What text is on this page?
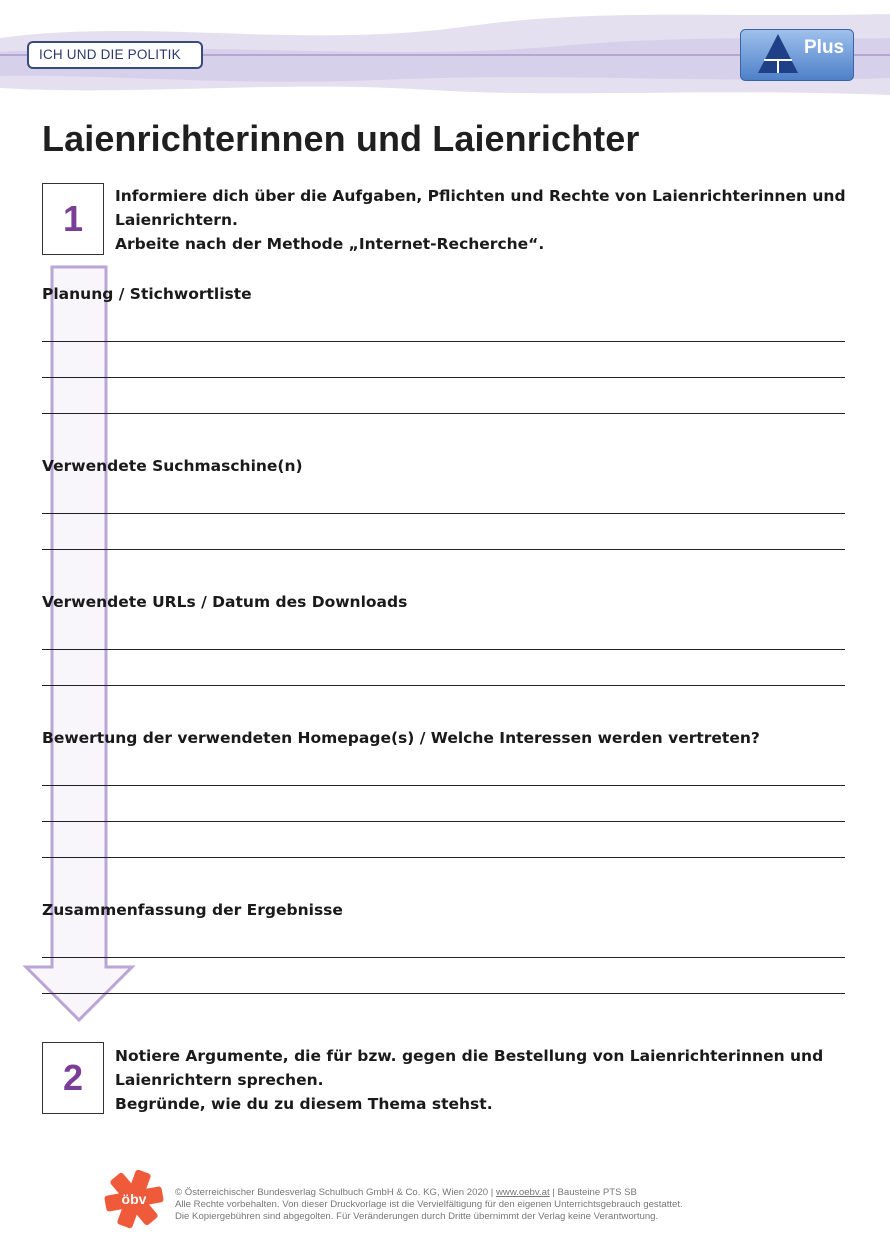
ICH UND DIE POLITIK	Plus
Laienrichterinnen und Laienrichter
1
Informiere dich über die Aufgaben, Pflichten und Rechte von Laienrichterinnen und
Laienrichtern.
Arbeite nach der Methode „Internet-Recherche“.
Planung / Stichwortliste
Verwendete Suchmaschine(n)
Verwendete URLs / Datum des Downloads
Bewertung der verwendeten Homepage(s) / Welche Interessen werden vertreten?
Zusammenfassung der Ergebnisse
2
Notiere Argumente, die für bzw. gegen die Bestellung von Laienrichterinnen und
Laienrichtern sprechen.
Begründe, wie du zu diesem Thema stehst.
öbv	© Österreichischer Bundesverlag Schulbuch GmbH & Co. KG, Wien 2020 | www.oebv.at | Bausteine PTS SB
Alle Rechte vorbehalten. Von dieser Druckvorlage ist die Vervielfältigung für den eigenen Unterrichtsgebrauch gestattet.
Die Kopiergebühren sind abgegolten. Für Veränderungen durch Dritte übernimmt der Verlag keine Verantwortung.
